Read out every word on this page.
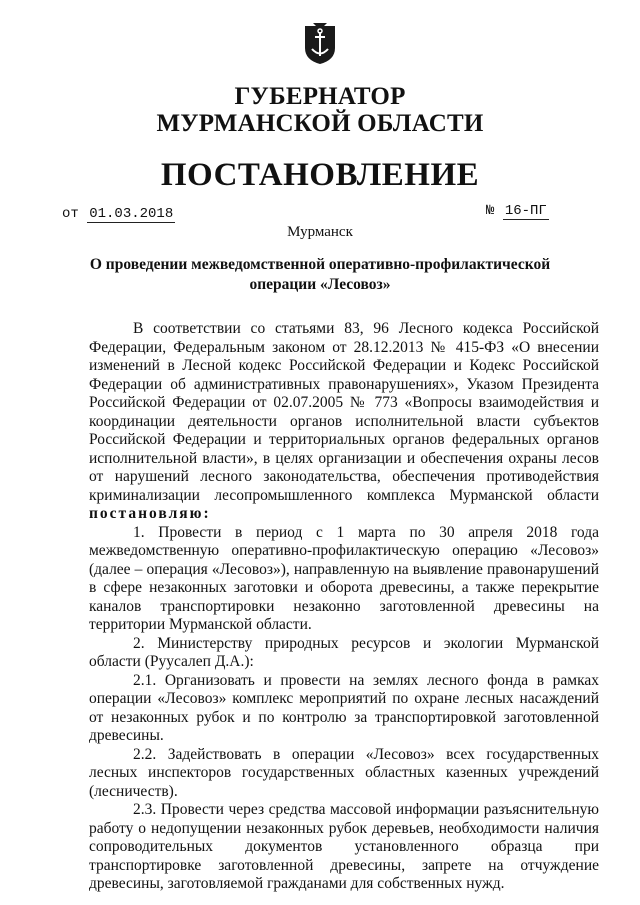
ГУБЕРНАТОР
МУРМАНСКОЙ ОБЛАСТИ
ПОСТАНОВЛЕНИЕ
от 01.03.2018	№ 16-ПГ
Мурманск
О проведении межведомственной оперативно-профилактической операции «Лесовоз»

В соответствии со статьями 83, 96 Лесного кодекса Российской Федерации, Федеральным законом от 28.12.2013 № 415-ФЗ «О внесении изменений в Лесной кодекс Российской Федерации и Кодекс Российской Федерации об административных правонарушениях», Указом Президента Российской Федерации от 02.07.2005 № 773 «Вопросы взаимодействия и координации деятельности органов исполнительной власти субъектов Российской Федерации и территориальных органов федеральных органов исполнительной власти», в целях организации и обеспечения охраны лесов от нарушений лесного законодательства, обеспечения противодействия криминализации лесопромышленного комплекса Мурманской области постановляю:

1. Провести в период с 1 марта по 30 апреля 2018 года межведомственную оперативно-профилактическую операцию «Лесовоз» (далее – операция «Лесовоз»), направленную на выявление правонарушений в сфере незаконных заготовки и оборота древесины, а также перекрытие каналов транспортировки незаконно заготовленной древесины на территории Мурманской области.

2. Министерству природных ресурсов и экологии Мурманской области (Руусалеп Д.А.):

2.1. Организовать и провести на землях лесного фонда в рамках операции «Лесовоз» комплекс мероприятий по охране лесных насаждений от незаконных рубок и по контролю за транспортировкой заготовленной древесины.

2.2. Задействовать в операции «Лесовоз» всех государственных лесных инспекторов государственных областных казенных учреждений (лесничеств).

2.3. Провести через средства массовой информации разъяснительную работу о недопущении незаконных рубок деревьев, необходимости наличия сопроводительных документов установленного образца при транспортировке заготовленной древесины, запрете на отчуждение древесины, заготовляемой гражданами для собственных нужд.
